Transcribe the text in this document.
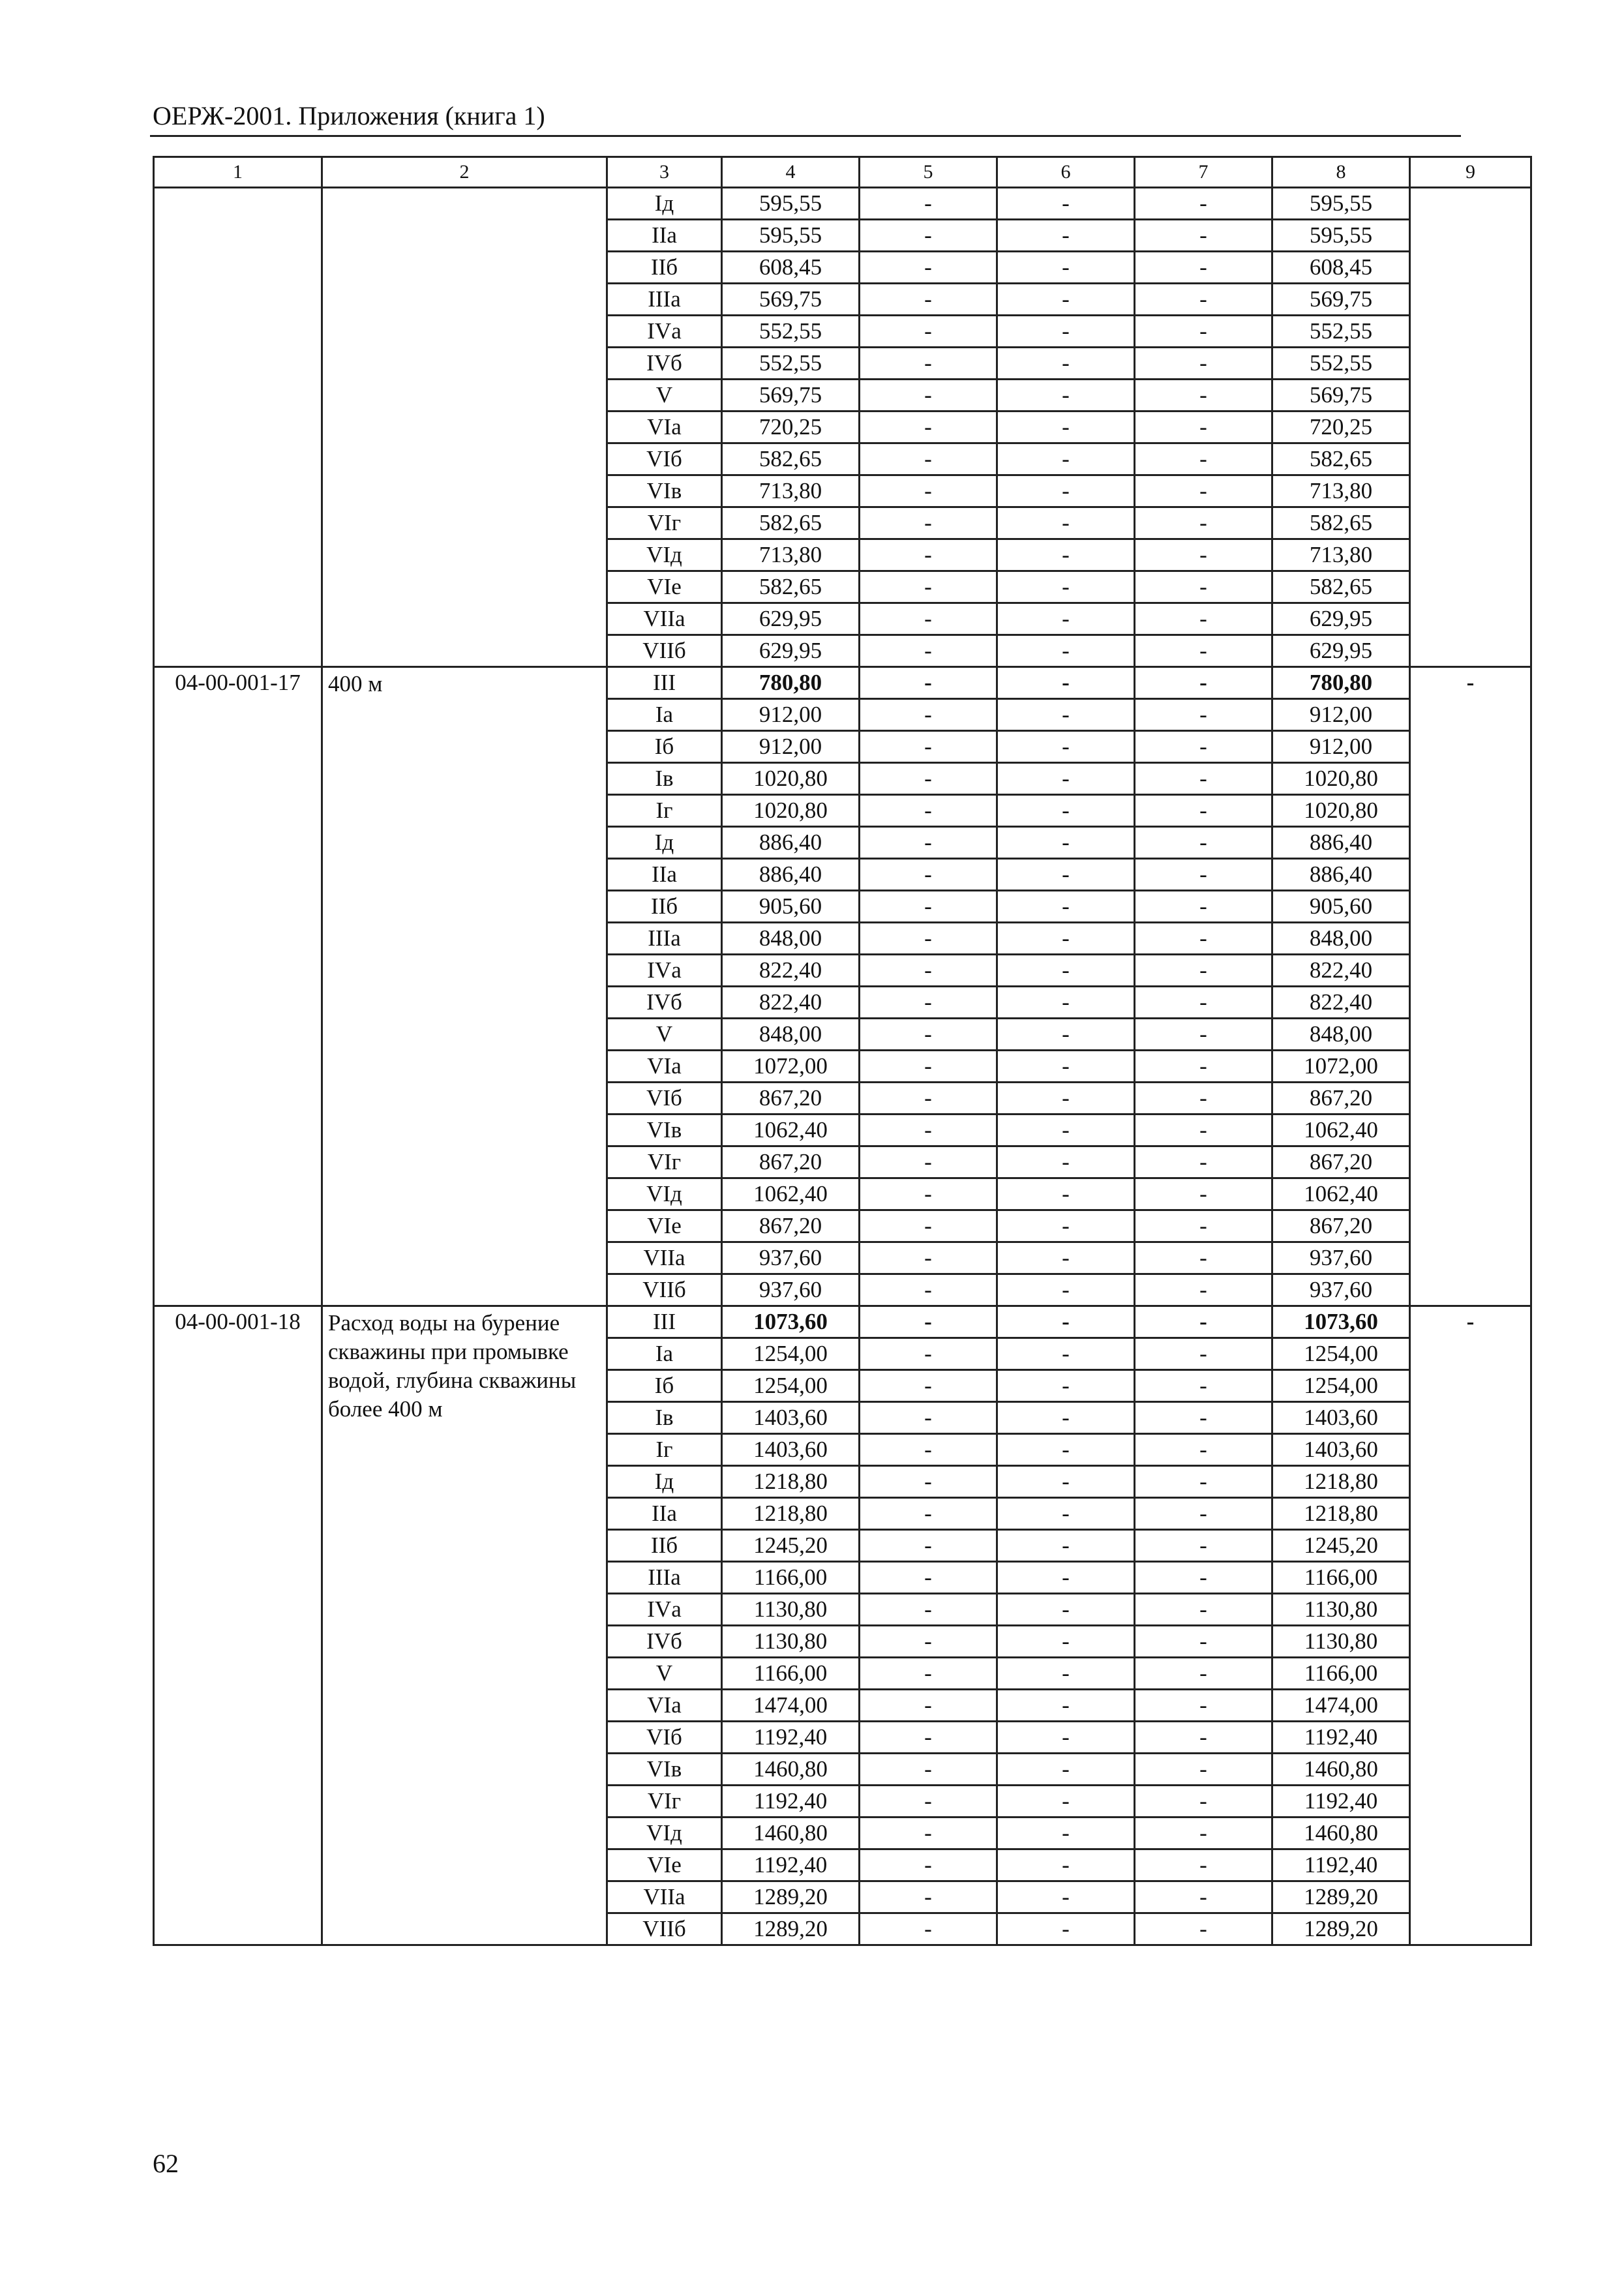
ОЕРЖ-2001. Приложения (книга 1)
1	2	3	4	5	6	7	8	9
		Iд	595,55	-	-	-	595,55	
		IIа	595,55	-	-	-	595,55	
		IIб	608,45	-	-	-	608,45	
		IIIа	569,75	-	-	-	569,75	
		IVа	552,55	-	-	-	552,55	
		IVб	552,55	-	-	-	552,55	
		V	569,75	-	-	-	569,75	
		VIа	720,25	-	-	-	720,25	
		VIб	582,65	-	-	-	582,65	
		VIв	713,80	-	-	-	713,80	
		VIг	582,65	-	-	-	582,65	
		VIд	713,80	-	-	-	713,80	
		VIе	582,65	-	-	-	582,65	
		VIIа	629,95	-	-	-	629,95	
		VIIб	629,95	-	-	-	629,95	
04-00-001-17	400 м	III	780,80	-	-	-	780,80	-
		Iа	912,00	-	-	-	912,00	
		Iб	912,00	-	-	-	912,00	
		Iв	1020,80	-	-	-	1020,80	
		Iг	1020,80	-	-	-	1020,80	
		Iд	886,40	-	-	-	886,40	
		IIа	886,40	-	-	-	886,40	
		IIб	905,60	-	-	-	905,60	
		IIIа	848,00	-	-	-	848,00	
		IVа	822,40	-	-	-	822,40	
		IVб	822,40	-	-	-	822,40	
		V	848,00	-	-	-	848,00	
		VIа	1072,00	-	-	-	1072,00	
		VIб	867,20	-	-	-	867,20	
		VIв	1062,40	-	-	-	1062,40	
		VIг	867,20	-	-	-	867,20	
		VIд	1062,40	-	-	-	1062,40	
		VIе	867,20	-	-	-	867,20	
		VIIа	937,60	-	-	-	937,60	
		VIIб	937,60	-	-	-	937,60	
04-00-001-18	Расход воды на бурение скважины при промывке водой, глубина скважины более 400 м	III	1073,60	-	-	-	1073,60	-
		Iа	1254,00	-	-	-	1254,00	
		Iб	1254,00	-	-	-	1254,00	
		Iв	1403,60	-	-	-	1403,60	
		Iг	1403,60	-	-	-	1403,60	
		Iд	1218,80	-	-	-	1218,80	
		IIа	1218,80	-	-	-	1218,80	
		IIб	1245,20	-	-	-	1245,20	
		IIIа	1166,00	-	-	-	1166,00	
		IVа	1130,80	-	-	-	1130,80	
		IVб	1130,80	-	-	-	1130,80	
		V	1166,00	-	-	-	1166,00	
		VIа	1474,00	-	-	-	1474,00	
		VIб	1192,40	-	-	-	1192,40	
		VIв	1460,80	-	-	-	1460,80	
		VIг	1192,40	-	-	-	1192,40	
		VIд	1460,80	-	-	-	1460,80	
		VIе	1192,40	-	-	-	1192,40	
		VIIа	1289,20	-	-	-	1289,20	
		VIIб	1289,20	-	-	-	1289,20	
62
